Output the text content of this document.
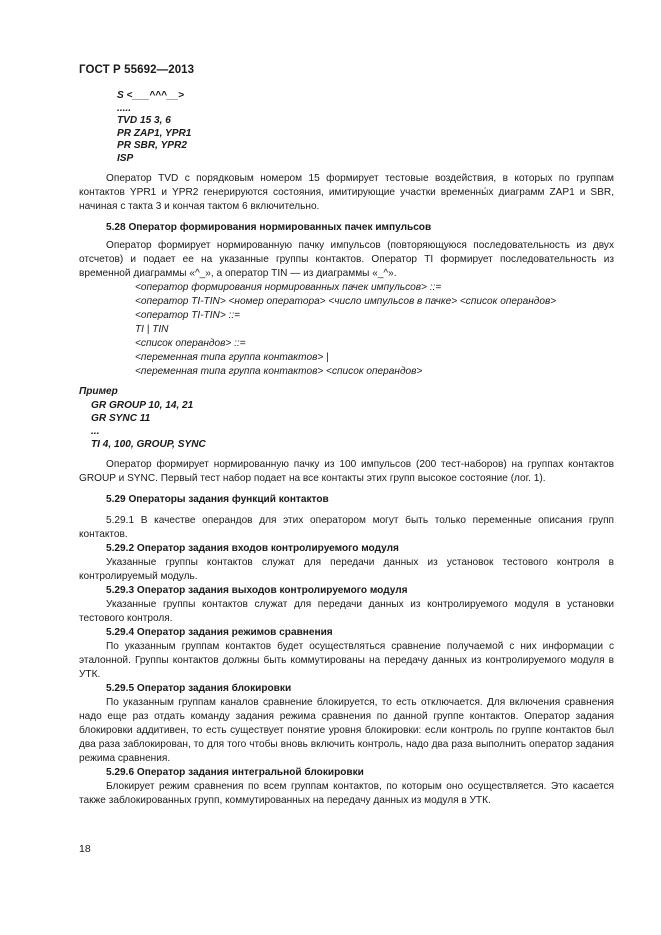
ГОСТ Р 55692—2013
S <___^^^__>
.....
TVD 15 3, 6
PR ZAP1, YPR1
PR SBR, YPR2
ISP

Оператор TVD с порядковым номером 15 формирует тестовые воздействия, в которых по группам контактов YPR1 и YPR2 генерируются состояния, имитирующие участки временны́х диаграмм ZAP1 и SBR, начиная с такта 3 и кончая тактом 6 включительно.

5.28 Оператор формирования нормированных пачек импульсов

Оператор формирует нормированную пачку импульсов (повторяющуюся последовательность из двух отсчетов) и подает ее на указанные группы контактов. Оператор TI формирует последовательность из временной диаграммы «^_», а оператор TIN — из диаграммы «_^».

<оператор формирования нормированных пачек импульсов> ::=
<оператор TI-TIN> <номер оператора> <число импульсов в пачке> <список операндов>
<оператор TI-TIN> ::=
TI | TIN
<список операндов> ::=
<переменная типа группа контактов> |
<переменная типа группа контактов> <список операндов>
Пример
GR GROUP 10, 14, 21
GR SYNC 11
...
TI 4, 100, GROUP, SYNC

Оператор формирует нормированную пачку из 100 импульсов (200 тест-наборов) на группах контактов GROUP и SYNC. Первый тест набор подает на все контакты этих групп высокое состояние (лог. 1).

5.29 Операторы задания функций контактов

5.29.1 В качестве операндов для этих оператором могут быть только переменные описания групп контактов.

5.29.2 Оператор задания входов контролируемого модуля

Указанные группы контактов служат для передачи данных из установок тестового контроля в контролируемый модуль.

5.29.3 Оператор задания выходов контролируемого модуля

Указанные группы контактов служат для передачи данных из контролируемого модуля в установки тестового контроля.

5.29.4 Оператор задания режимов сравнения

По указанным группам контактов будет осуществляться сравнение получаемой с них информации с эталонной. Группы контактов должны быть коммутированы на передачу данных из контролируемого модуля в УТК.

5.29.5 Оператор задания блокировки

По указанным группам каналов сравнение блокируется, то есть отключается. Для включения сравнения надо еще раз отдать команду задания режима сравнения по данной группе контактов. Оператор задания блокировки аддитивен, то есть существует понятие уровня блокировки: если контроль по группе контактов был два раза заблокирован, то для того чтобы вновь включить контроль, надо два раза выполнить оператор задания режима сравнения.

5.29.6 Оператор задания интегральной блокировки

Блокирует режим сравнения по всем группам контактов, по которым оно осуществляется. Это касается также заблокированных групп, коммутированных на передачу данных из модуля в УТК.

18
